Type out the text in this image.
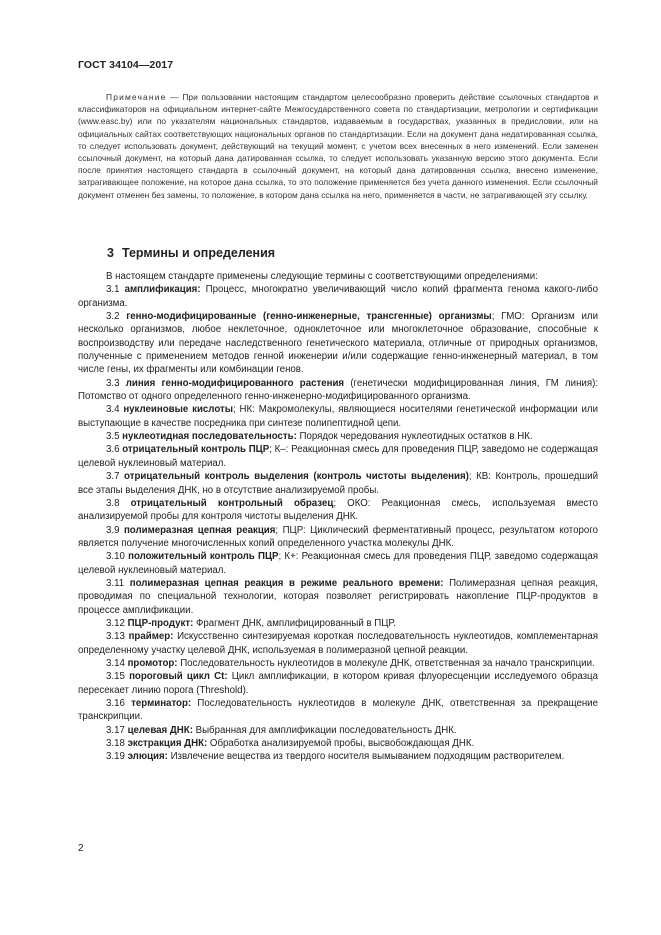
ГОСТ 34104—2017

Примечание — При пользовании настоящим стандартом целесообразно проверить действие ссылочных стандартов и классификаторов на официальном интернет-сайте Межгосударственного совета по стандартизации, метрологии и сертификации (www.easc.by) или по указателям национальных стандартов, издаваемым в государствах, указанных в предисловии, или на официальных сайтах соответствующих национальных органов по стандартизации. Если на документ дана недатированная ссылка, то следует использовать документ, действующий на текущий момент, с учетом всех внесенных в него изменений. Если заменен ссылочный документ, на который дана датированная ссылка, то следует использовать указанную версию этого документа. Если после принятия настоящего стандарта в ссылочный документ, на который дана датированная ссылка, внесено изменение, затрагивающее положение, на которое дана ссылка, то это положение применяется без учета данного изменения. Если ссылочный документ отменен без замены, то положение, в котором дана ссылка на него, применяется в части, не затрагивающей эту ссылку.

3 Термины и определения

В настоящем стандарте применены следующие термины с соответствующими определениями:

3.1 амплификация: Процесс, многократно увеличивающий число копий фрагмента генома какого-либо организма.

3.2 генно-модифицированные (генно-инженерные, трансгенные) организмы; ГМО: Организм или несколько организмов, любое неклеточное, одноклеточное или многоклеточное образование, способные к воспроизводству или передаче наследственного генетического материала, отличные от природных организмов, полученные с применением методов генной инженерии и/или содержащие генно-инженерный материал, в том числе гены, их фрагменты или комбинации генов.

3.3 линия генно-модифицированного растения (генетически модифицированная линия, ГМ линия): Потомство от одного определенного генно-инженерно-модифицированного организма.

3.4 нуклеиновые кислоты; НК: Макромолекулы, являющиеся носителями генетической информации или выступающие в качестве посредника при синтезе полипептидной цепи.

3.5 нуклеотидная последовательность: Порядок чередования нуклеотидных остатков в НК.

3.6 отрицательный контроль ПЦР; К–: Реакционная смесь для проведения ПЦР, заведомо не содержащая целевой нуклеиновый материал.

3.7 отрицательный контроль выделения (контроль чистоты выделения); КВ: Контроль, прошедший все этапы выделения ДНК, но в отсутствие анализируемой пробы.

3.8 отрицательный контрольный образец; ОКО: Реакционная смесь, используемая вместо анализируемой пробы для контроля чистоты выделения ДНК.

3.9 полимеразная цепная реакция; ПЦР: Циклический ферментативный процесс, результатом которого является получение многочисленных копий определенного участка молекулы ДНК.

3.10 положительный контроль ПЦР; К+: Реакционная смесь для проведения ПЦР, заведомо содержащая целевой нуклеиновый материал.

3.11 полимеразная цепная реакция в режиме реального времени: Полимеразная цепная реакция, проводимая по специальной технологии, которая позволяет регистрировать накопление ПЦР-продуктов в процессе амплификации.

3.12 ПЦР-продукт: Фрагмент ДНК, амплифицированный в ПЦР.

3.13 праймер: Искусственно синтезируемая короткая последовательность нуклеотидов, комплементарная определенному участку целевой ДНК, используемая в полимеразной цепной реакции.

3.14 промотор: Последовательность нуклеотидов в молекуле ДНК, ответственная за начало транскрипции.

3.15 пороговый цикл Ct: Цикл амплификации, в котором кривая флуоресценции исследуемого образца пересекает линию порога (Threshold).

3.16 терминатор: Последовательность нуклеотидов в молекуле ДНК, ответственная за прекращение транскрипции.

3.17 целевая ДНК: Выбранная для амплификации последовательность ДНК.

3.18 экстракция ДНК: Обработка анализируемой пробы, высвобождающая ДНК.

3.19 элюция: Извлечение вещества из твердого носителя вымыванием подходящим растворителем.

2
